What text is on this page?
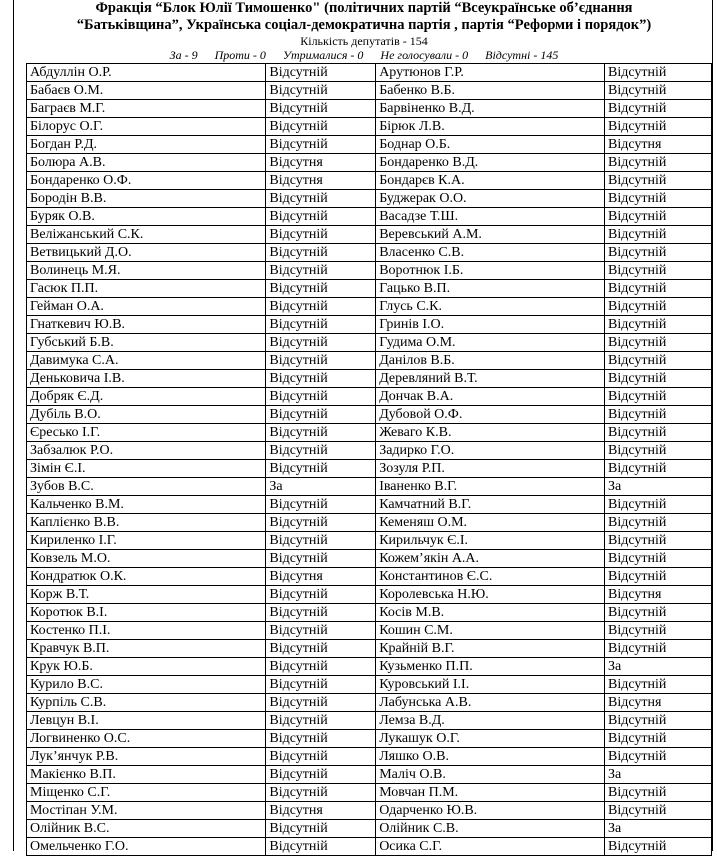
Фракція “Блок Юлії Тимошенко" (політичних партій “Всеукраїнське об’єднання
“Батьківщина”, Українська соціал-демократична партія , партія “Реформи і порядок”)
Кількість депутатів - 154
За - 9 Проти - 0 Утрималися - 0 Не голосували - 0 Відсутні - 145
Абдуллін О.Р.	Відсутній	Арутюнов Г.Р.	Відсутній
Бабаєв О.М.	Відсутній	Бабенко В.Б.	Відсутній
Баграєв М.Г.	Відсутній	Барвіненко В.Д.	Відсутній
Білорус О.Г.	Відсутній	Бірюк Л.В.	Відсутній
Богдан Р.Д.	Відсутній	Боднар О.Б.	Відсутня
Болюра А.В.	Відсутня	Бондаренко В.Д.	Відсутній
Бондаренко О.Ф.	Відсутня	Бондарєв К.А.	Відсутній
Бородін В.В.	Відсутній	Буджерак О.О.	Відсутній
Буряк О.В.	Відсутній	Васадзе Т.Ш.	Відсутній
Веліжанський С.К.	Відсутній	Веревський А.М.	Відсутній
Ветвицький Д.О.	Відсутній	Власенко С.В.	Відсутній
Волинець М.Я.	Відсутній	Воротнюк І.Б.	Відсутній
Гасюк П.П.	Відсутній	Гацько В.П.	Відсутній
Гейман О.А.	Відсутній	Глусь С.К.	Відсутній
Гнаткевич Ю.В.	Відсутній	Гринів І.О.	Відсутній
Губський Б.В.	Відсутній	Гудима О.М.	Відсутній
Давимука С.А.	Відсутній	Данілов В.Б.	Відсутній
Деньковича І.В.	Відсутній	Деревляний В.Т.	Відсутній
Добряк Є.Д.	Відсутній	Дончак В.А.	Відсутній
Дубіль В.О.	Відсутній	Дубовой О.Ф.	Відсутній
Єресько І.Г.	Відсутній	Жеваго К.В.	Відсутній
Забзалюк Р.О.	Відсутній	Задирко Г.О.	Відсутній
Зімін Є.І.	Відсутній	Зозуля Р.П.	Відсутній
Зубов В.С.	За	Іваненко В.Г.	За
Кальченко В.М.	Відсутній	Камчатний В.Г.	Відсутній
Каплієнко В.В.	Відсутній	Кеменяш О.М.	Відсутній
Кириленко І.Г.	Відсутній	Кирильчук Є.І.	Відсутній
Ковзель М.О.	Відсутній	Кожем’якін А.А.	Відсутній
Кондратюк О.К.	Відсутня	Константинов Є.С.	Відсутній
Корж В.Т.	Відсутній	Королевська Н.Ю.	Відсутня
Коротюк В.І.	Відсутній	Косів М.В.	Відсутній
Костенко П.І.	Відсутній	Кошин С.М.	Відсутній
Кравчук В.П.	Відсутній	Крайній В.Г.	Відсутній
Крук Ю.Б.	Відсутній	Кузьменко П.П.	За
Курило В.С.	Відсутній	Куровський І.І.	Відсутній
Курпіль С.В.	Відсутній	Лабунська А.В.	Відсутня
Левцун В.І.	Відсутній	Лемза В.Д.	Відсутній
Логвиненко О.С.	Відсутній	Лукашук О.Г.	Відсутній
Лук’янчук Р.В.	Відсутній	Ляшко О.В.	Відсутній
Макієнко В.П.	Відсутній	Маліч О.В.	За
Міщенко С.Г.	Відсутній	Мовчан П.М.	Відсутній
Мостіпан У.М.	Відсутня	Одарченко Ю.В.	Відсутній
Олійник В.С.	Відсутній	Олійник С.В.	За
Омельченко Г.О.	Відсутній	Осика С.Г.	Відсутній
